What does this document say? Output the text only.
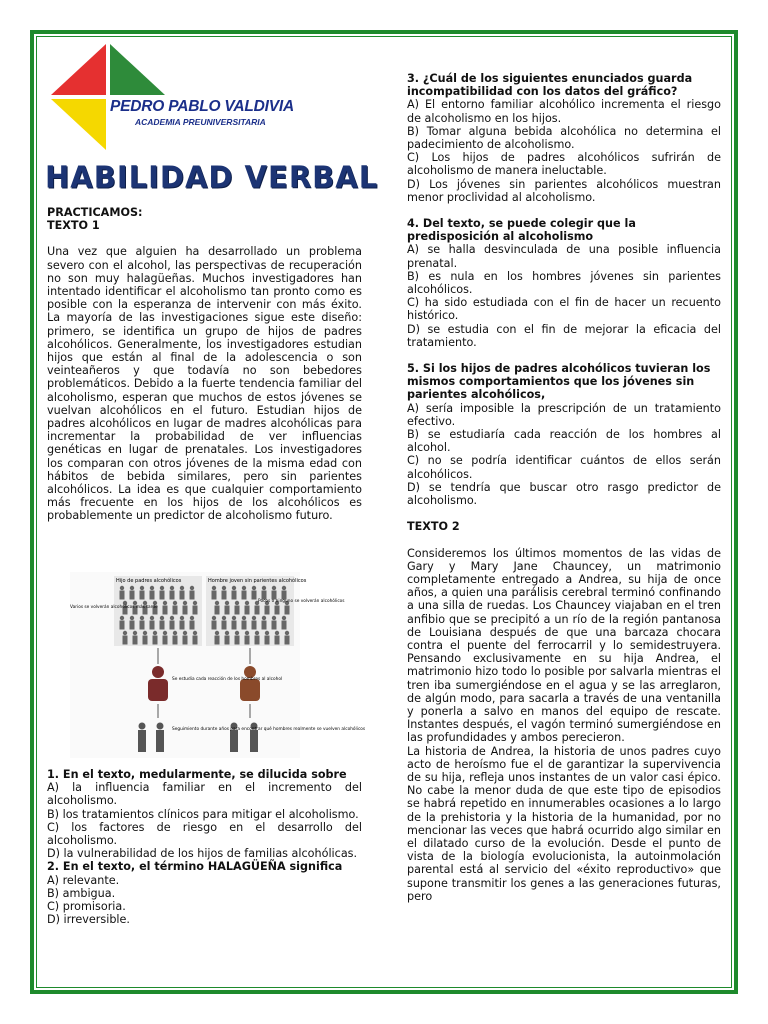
PEDRO PABLO VALDIVIA
ACADEMIA PREUNIVERSITARIA
HABILIDAD VERBAL

PRACTICAMOS:

TEXTO 1

Una vez que alguien ha desarrollado un problema severo con el alcohol, las perspectivas de recuperación no son muy halagüeñas. Muchos investigadores han intentado identificar el alcoholismo tan pronto como es posible con la esperanza de intervenir con más éxito. La mayoría de las investigaciones sigue este diseño: primero, se identifica un grupo de hijos de padres alcohólicos. Generalmente, los investigadores estudian hijos que están al final de la adolescencia o son veinteañeros y que todavía no son bebedores problemáticos. Debido a la fuerte tendencia familiar del alcoholismo, esperan que muchos de estos jóvenes se vuelvan alcohólicos en el futuro. Estudian hijos de padres alcohólicos en lugar de madres alcohólicas para incrementar la probabilidad de ver influencias genéticas en lugar de prenatales. Los investigadores los comparan con otros jóvenes de la misma edad con hábitos de bebida similares, pero sin parientes alcohólicos. La idea es que cualquier comportamiento más frecuente en los hijos de los alcohólicos es probablemente un predictor de alcoholismo futuro.

Hijo de padres alcohólicos	Hombre joven sin parientes alcohólicos
Varios se volverán alcohólicos más tarde
Pocos o ninguno se volverán alcohólicos
Se estudia cada reacción de los hombres al alcohol
Seguimiento durante años para encontrar qué hombres realmente se vuelven alcohólicos

1. En el texto, medularmente, se dilucida sobre

A) la influencia familiar en el incremento del alcoholismo.

B) los tratamientos clínicos para mitigar el alcoholismo.

C) los factores de riesgo en el desarrollo del alcoholismo.

D) la vulnerabilidad de los hijos de familias alcohólicas.

2. En el texto, el término HALAGÜEÑA significa

A) relevante.

B) ambigua.

C) promisoria.

D) irreversible.

3. ¿Cuál de los siguientes enunciados guarda incompatibilidad con los datos del gráfico?

A) El entorno familiar alcohólico incrementa el riesgo de alcoholismo en los hijos.

B) Tomar alguna bebida alcohólica no determina el padecimiento de alcoholismo.

C) Los hijos de padres alcohólicos sufrirán de alcoholismo de manera ineluctable.

D) Los jóvenes sin parientes alcohólicos muestran menor proclividad al alcoholismo.

4. Del texto, se puede colegir que la predisposición al alcoholismo

A) se halla desvinculada de una posible influencia prenatal.

B) es nula en los hombres jóvenes sin parientes alcohólicos.

C) ha sido estudiada con el fin de hacer un recuento histórico.

D) se estudia con el fin de mejorar la eficacia del tratamiento.

5. Si los hijos de padres alcohólicos tuvieran los mismos comportamientos que los jóvenes sin parientes alcohólicos,

A) sería imposible la prescripción de un tratamiento efectivo.

B) se estudiaría cada reacción de los hombres al alcohol.

C) no se podría identificar cuántos de ellos serán alcohólicos.

D) se tendría que buscar otro rasgo predictor de alcoholismo.

TEXTO 2

Consideremos los últimos momentos de las vidas de Gary y Mary Jane Chauncey, un matrimonio completamente entregado a Andrea, su hija de once años, a quien una parálisis cerebral terminó confinando a una silla de ruedas. Los Chauncey viajaban en el tren anfibio que se precipitó a un río de la región pantanosa de Louisiana después de que una barcaza chocara contra el puente del ferrocarril y lo semidestruyera. Pensando exclusivamente en su hija Andrea, el matrimonio hizo todo lo posible por salvarla mientras el tren iba sumergiéndose en el agua y se las arreglaron, de algún modo, para sacarla a través de una ventanilla y ponerla a salvo en manos del equipo de rescate. Instantes después, el vagón terminó sumergiéndose en las profundidades y ambos perecieron.

La historia de Andrea, la historia de unos padres cuyo acto de heroísmo fue el de garantizar la supervivencia de su hija, refleja unos instantes de un valor casi épico. No cabe la menor duda de que este tipo de episodios se habrá repetido en innumerables ocasiones a lo largo de la prehistoria y la historia de la humanidad, por no mencionar las veces que habrá ocurrido algo similar en el dilatado curso de la evolución. Desde el punto de vista de la biología evolucionista, la autoinmolación parental está al servicio del «éxito reproductivo» que supone transmitir los genes a las generaciones futuras, pero
